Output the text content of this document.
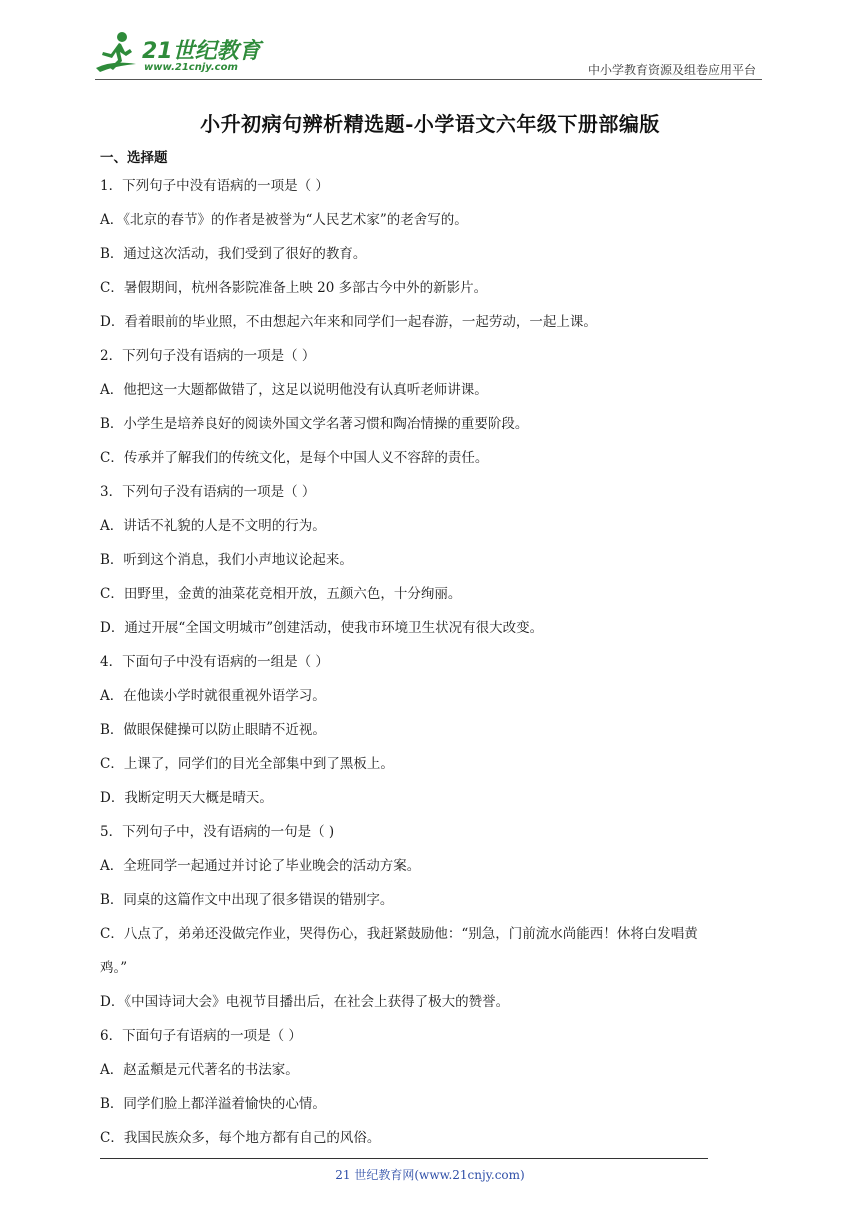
21世纪教育
www.21cnjy.com	中小学教育资源及组卷应用平台
小升初病句辨析精选题-小学语文六年级下册部编版
一、选择题
1．下列句子中没有语病的一项是（ ）
A．《北京的春节》的作者是被誉为“人民艺术家”的老舍写的。
B．通过这次活动，我们受到了很好的教育。
C．暑假期间，杭州各影院准备上映 20 多部古今中外的新影片。
D．看着眼前的毕业照，不由想起六年来和同学们一起春游，一起劳动，一起上课。
2．下列句子没有语病的一项是（ ）
A．他把这一大题都做错了，这足以说明他没有认真听老师讲课。
B．小学生是培养良好的阅读外国文学名著习惯和陶冶情操的重要阶段。
C．传承并了解我们的传统文化，是每个中国人义不容辞的责任。
3．下列句子没有语病的一项是（ ）
A．讲话不礼貌的人是不文明的行为。
B．听到这个消息，我们小声地议论起来。
C．田野里，金黄的油菜花竞相开放，五颜六色，十分绚丽。
D．通过开展“全国文明城市”创建活动，使我市环境卫生状况有很大改变。
4．下面句子中没有语病的一组是（ ）
A．在他读小学时就很重视外语学习。
B．做眼保健操可以防止眼睛不近视。
C．上课了，同学们的目光全部集中到了黑板上。
D．我断定明天大概是晴天。
5．下列句子中，没有语病的一句是（ )
A．全班同学一起通过并讨论了毕业晚会的活动方案。
B．同桌的这篇作文中出现了很多错误的错别字。
C．八点了，弟弟还没做完作业，哭得伤心，我赶紧鼓励他：“别急，门前流水尚能西！休将白发唱黄
鸡。”
D．《中国诗词大会》电视节目播出后，在社会上获得了极大的赞誉。
6．下面句子有语病的一项是（ ）
A．赵孟頫是元代著名的书法家。
B．同学们脸上都洋溢着愉快的心情。
C．我国民族众多，每个地方都有自己的风俗。
21 世纪教育网(www.21cnjy.com)
